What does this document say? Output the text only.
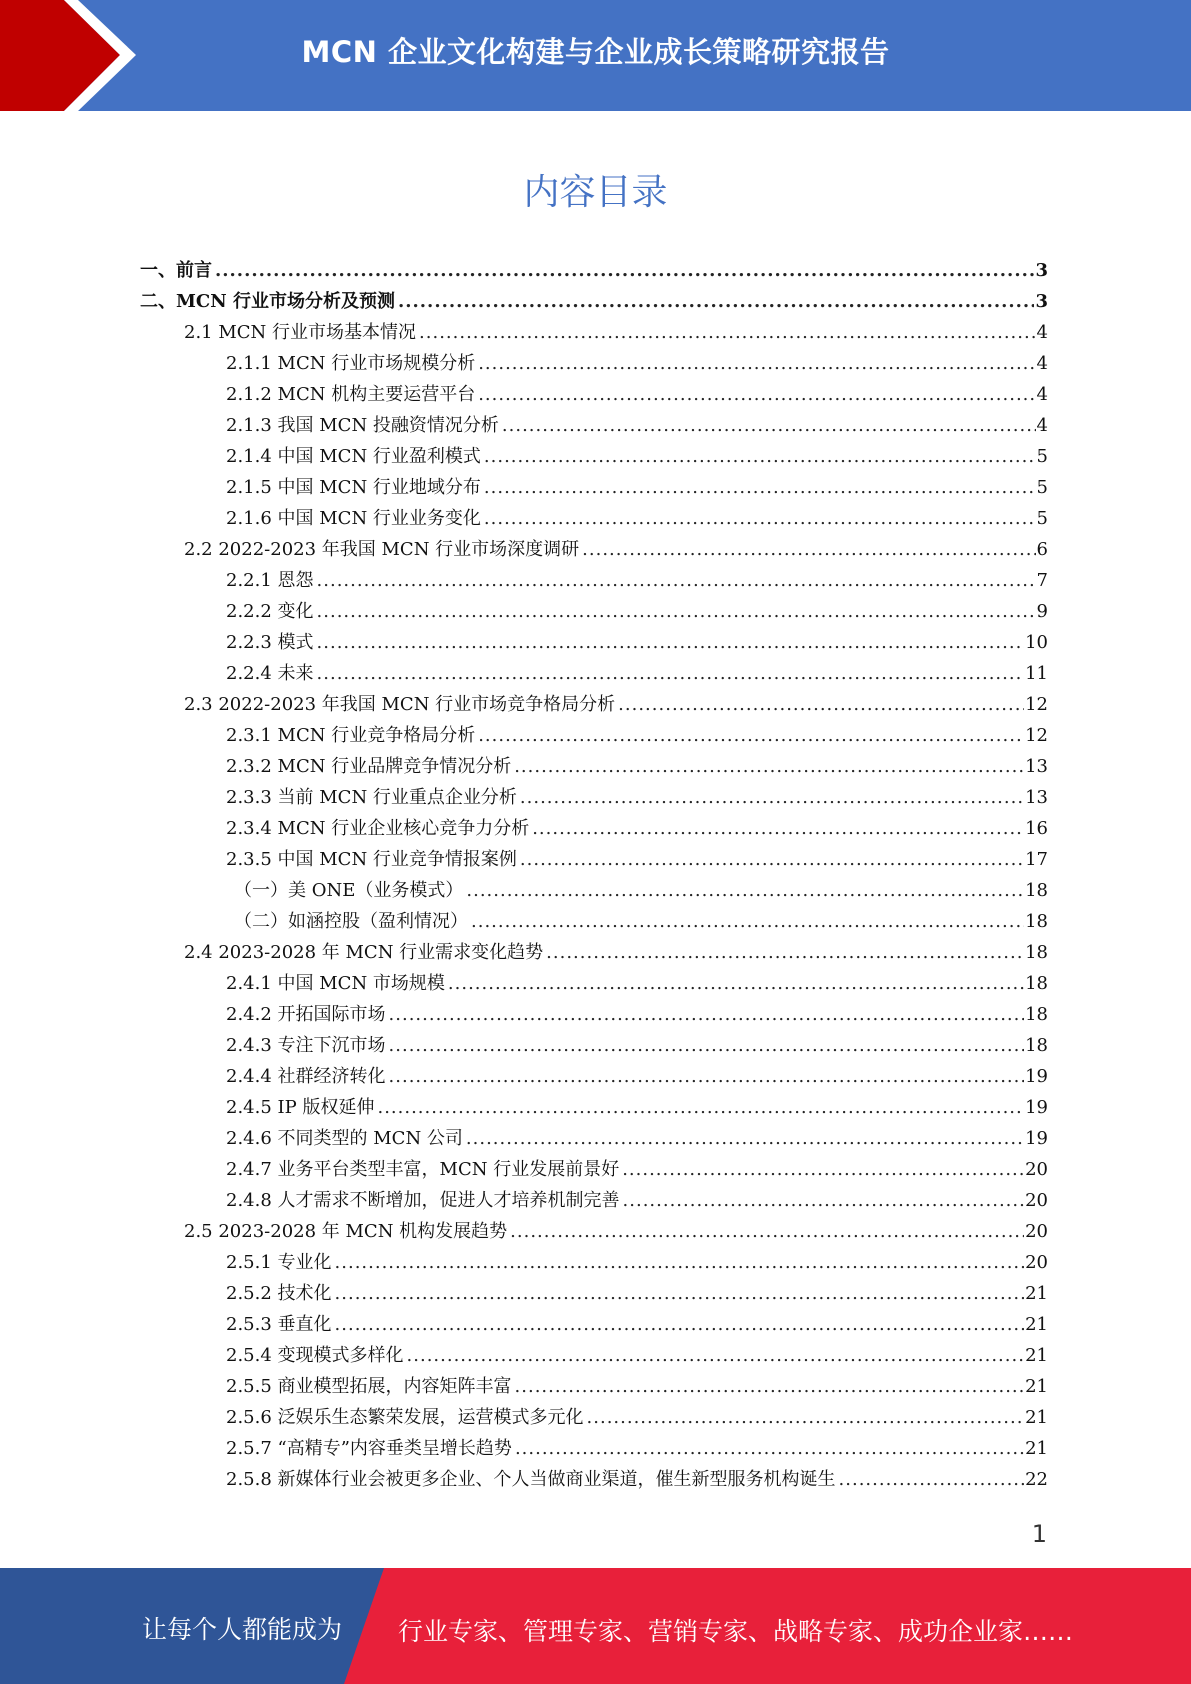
MCN 企业文化构建与企业成长策略研究报告
内容目录
一、前言 .....	3
二、MCN 行业市场分析及预测 .....	3
2.1 MCN 行业市场基本情况 .....	4
2.1.1 MCN 行业市场规模分析 .....	4
2.1.2 MCN 机构主要运营平台 .....	4
2.1.3 我国 MCN 投融资情况分析 .....	4
2.1.4 中国 MCN 行业盈利模式 .....	5
2.1.5 中国 MCN 行业地域分布 .....	5
2.1.6 中国 MCN 行业业务变化 .....	5
2.2 2022-2023 年我国 MCN 行业市场深度调研 .....	6
2.2.1 恩怨 .....	7
2.2.2 变化 .....	9
2.2.3 模式 .....	10
2.2.4 未来 .....	11
2.3 2022-2023 年我国 MCN 行业市场竞争格局分析 .....	12
2.3.1 MCN 行业竞争格局分析 .....	12
2.3.2 MCN 行业品牌竞争情况分析 .....	13
2.3.3 当前 MCN 行业重点企业分析 .....	13
2.3.4 MCN 行业企业核心竞争力分析 .....	16
2.3.5 中国 MCN 行业竞争情报案例 .....	17
（一）美 ONE（业务模式） .....	18
（二）如涵控股（盈利情况） .....	18
2.4 2023-2028 年 MCN 行业需求变化趋势 .....	18
2.4.1 中国 MCN 市场规模 .....	18
2.4.2 开拓国际市场 .....	18
2.4.3 专注下沉市场 .....	18
2.4.4 社群经济转化 .....	19
2.4.5 IP 版权延伸 .....	19
2.4.6 不同类型的 MCN 公司 .....	19
2.4.7 业务平台类型丰富，MCN 行业发展前景好 .....	20
2.4.8 人才需求不断增加，促进人才培养机制完善 .....	20
2.5 2023-2028 年 MCN 机构发展趋势 .....	20
2.5.1 专业化 .....	20
2.5.2 技术化 .....	21
2.5.3 垂直化 .....	21
2.5.4 变现模式多样化 .....	21
2.5.5 商业模型拓展，内容矩阵丰富 .....	21
2.5.6 泛娱乐生态繁荣发展，运营模式多元化 .....	21
2.5.7 “高精专”内容垂类呈增长趋势 .....	21
2.5.8 新媒体行业会被更多企业、个人当做商业渠道，催生新型服务机构诞生 .....	22
1
让每个人都能成为 行业专家、管理专家、营销专家、战略专家、成功企业家……
